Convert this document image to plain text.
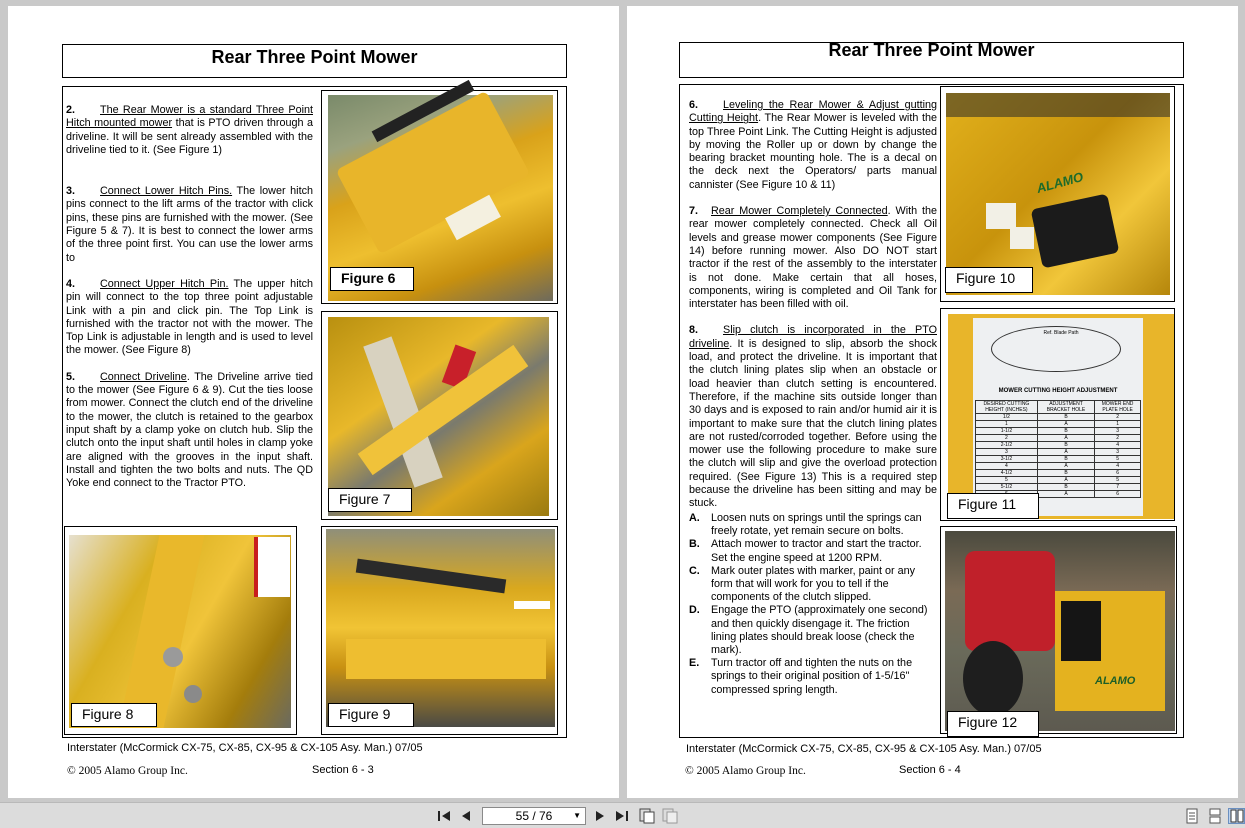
Rear Three Point Mower

2. The Rear Mower is a standard Three Point Hitch mounted mower that is PTO driven through a driveline. It will be sent already assembled with the driveline tied to it. (See Figure 1)

3. Connect Lower Hitch Pins. The lower hitch pins connect to the lift arms of the tractor with click pins, these pins are furnished with the mower. (See Figure 5 & 7). It is best to connect the lower arms of the three point first. You can use the lower arms to

4. Connect Upper Hitch Pin. The upper hitch pin will connect to the top three point adjustable Link with a pin and click pin. The Top Link is furnished with the tractor not with the mower. The Top Link is adjustable in length and is used to level the mower. (See Figure 8)

5. Connect Driveline. The Driveline arrive tied to the mower (See Figure 6 & 9). Cut the ties loose from mower. Connect the clutch end of the driveline to the mower, the clutch is retained to the gearbox input shaft by a clamp yoke on clutch hub. Slip the clutch onto the input shaft until holes in clamp yoke are aligned with the grooves in the input shaft. Install and tighten the two bolts and nuts. The QD Yoke end connect to the Tractor PTO.

Figure 6
Figure 7
Figure 8	Figure 9
Interstater (McCormick CX-75, CX-85, CX-95 & CX-105 Asy. Man.) 07/05
© 2005 Alamo Group Inc.	Section 6 - 3
Rear Three Point Mower

6. Leveling the Rear Mower & Adjust gutting Cutting Height. The Rear Mower is leveled with the top Three Point Link. The Cutting Height is adjusted by moving the Roller up or down by change the bearing bracket mounting hole. The is a decal on the deck next the Operators/ parts manual cannister (See Figure 10 & 11)

7. Rear Mower Completely Connected. With the rear mower completely connected. Check all Oil levels and grease mower components (See Figure 14) before running mower. Also DO NOT start tractor if the rest of the assembly to the interstater is not done. Make certain that all hoses, components, wiring is completed and Oil Tank for interstater has been filled with oil.

8. Slip clutch is incorporated in the PTO driveline. It is designed to slip, absorb the shock load, and protect the driveline. It is important that the clutch lining plates slip when an obstacle or load heavier than clutch setting is encountered. Therefore, if the machine sits outside longer than 30 days and is exposed to rain and/or humid air it is important to make sure that the clutch lining plates are not rusted/corroded together. Before using the mower use the following procedure to make sure the clutch will slip and give the overload protection required. (See Figure 13) This is a required step because the driveline has been sitting and may be stuck.

A.	Loosen nuts on springs until the springs can freely rotate, yet remain secure on bolts.
B.	Attach mower to tractor and start the tractor. Set the engine speed at 1200 RPM.
C.	Mark outer plates with marker, paint or any form that will work for you to tell if the components of the clutch slipped.
D.	Engage the PTO (approximately one second) and then quickly disengage it. The friction lining plates should break loose (check the mark).
E.	Turn tractor off and tighten the nuts on the springs to their original position of 1-5/16" compressed spring length.
ALAMO
Figure 10
Ref. Blade Path
MOWER CUTTING HEIGHT ADJUSTMENT
DESIRED CUTTING HEIGHT (INCHES)	ADJUSTMENT BRACKET HOLE	MOWER END PLATE HOLE
1/2	B	2
1	A	1
1-1/2	B	3
2	A	2
2-1/2	B	4
3	A	3
3-1/2	B	5
4	A	4
4-1/2	B	6
5	A	5
5-1/2	B	7
	A	6
Figure 11
ALAMO
Figure 12
Interstater (McCormick CX-75, CX-85, CX-95 & CX-105 Asy. Man.) 07/05
© 2005 Alamo Group Inc.	Section 6 - 4
55 / 76	▼
